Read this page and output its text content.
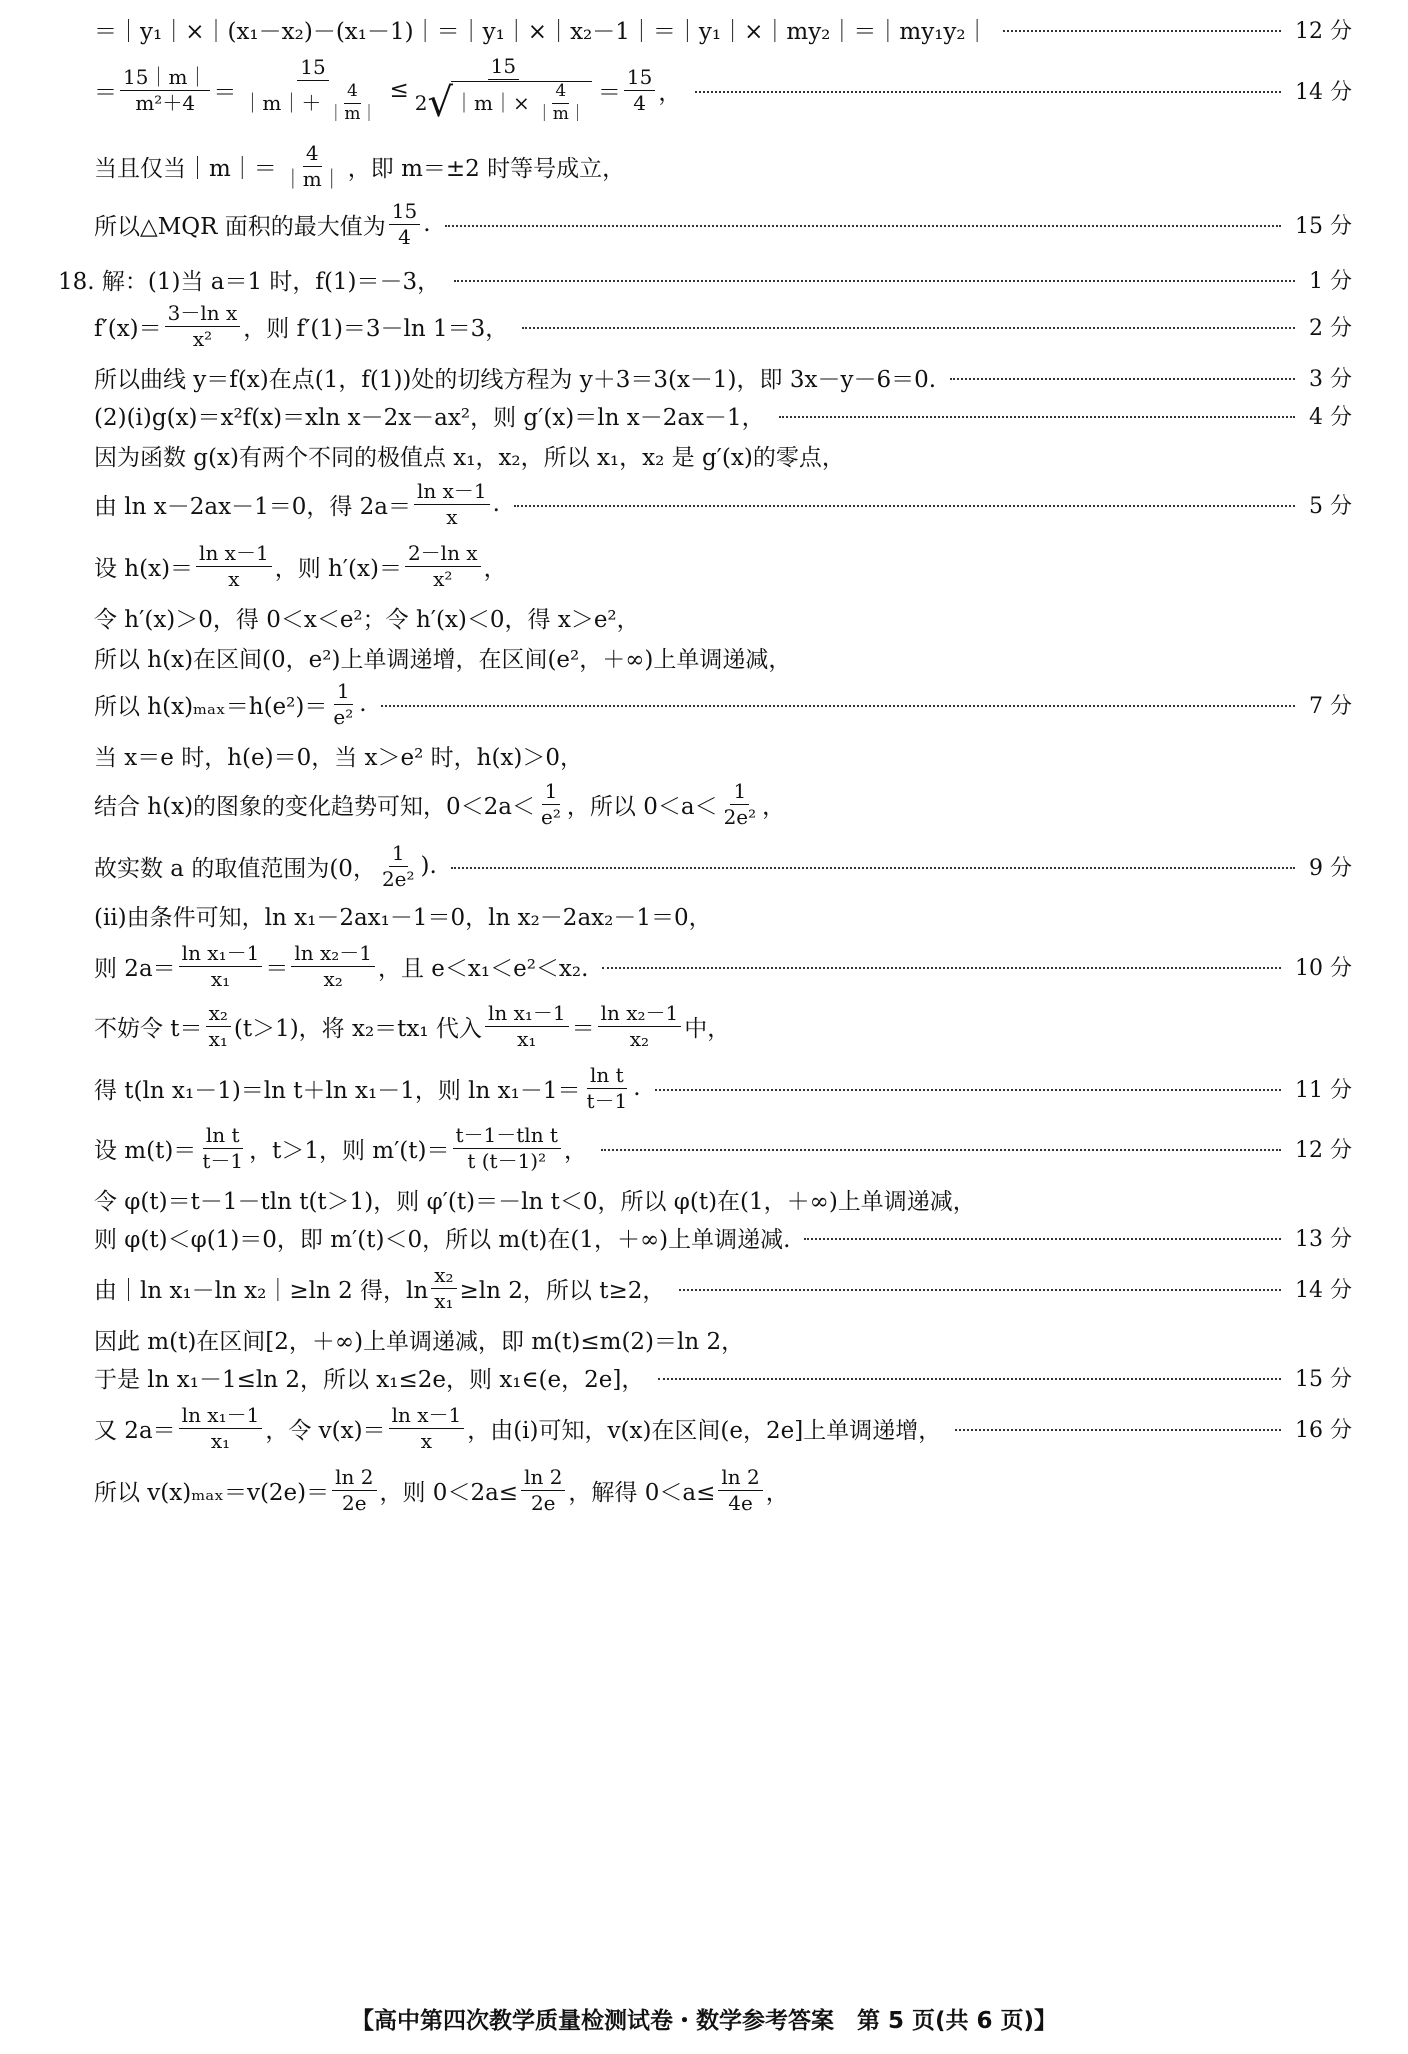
＝｜y₁｜×｜(x₁－x₂)－(x₁－1)｜＝｜y₁｜×｜x₂－1｜＝｜y₁｜×｜my₂｜＝｜my₁y₂｜	12 分
＝ $\frac{15|m|}{\text{m²＋4}} = \frac{15}{|m|+ \frac{4}{|m|}} \le \frac{15}{2 √ |m|\times \frac{4}{|m|}} = \frac{15}{4}$ ，	14 分
当且仅当｜m｜＝ $\frac{4}{|m|}$ ，即 m＝±2 时等号成立，
所以△MQR 面积的最大值为 $\frac{15}{4}$ .	15 分
18. 解：(1)当 a＝1 时，f(1)＝－3，	1 分
$f'(x)= \frac{\text{3－ln x}}{\text{x²}}$ ，则 f′(1)＝3－ln 1＝3，	2 分
所以曲线 y＝f(x)在点(1，f(1))处的切线方程为 y＋3＝3(x－1)，即 3x－y－6＝0.	3 分
(2)(ⅰ)g(x)＝x²f(x)＝xln x－2x－ax²，则 g′(x)＝ln x－2ax－1，	4 分
因为函数 g(x)有两个不同的极值点 x₁，x₂，所以 x₁，x₂ 是 g′(x)的零点，
由 ln x－2ax－1＝0，得 $2a= \frac{\text{ln x－1}}{x}$ .	5 分
设 $h(x)= \frac{\text{ln x－1}}{x}$ ，则 $h'(x)= \frac{\text{2－ln x}}{\text{x²}}$ ，
令 h′(x)＞0，得 0＜x＜e²；令 h′(x)＜0，得 x＞e²，
所以 h(x)在区间(0，e²)上单调递增，在区间(e²，＋∞)上单调递减，
所以 $h(x)_{max}=h(e^2)= \frac{1}{\text{e²}}$ .	7 分
当 x＝e 时，h(e)＝0，当 x＞e² 时，h(x)＞0，
结合 h(x)的图象的变化趋势可知，$0<2a< \frac{1}{\text{e²}}$ ，所以 $0<a< \frac{1}{\text{2e²}}$ ，
故实数 a 的取值范围为(0， $\frac{1}{\text{2e²}}$ ).	9 分
(ⅱ)由条件可知，ln x₁－2ax₁－1＝0，ln x₂－2ax₂－1＝0，
则 $2a= \frac{\text{ln x₁－1}}{\text{x₁}} = \frac{\text{ln x₂－1}}{\text{x₂}}$ ，且 e＜x₁＜e²＜x₂.	10 分
不妨令 $t= \frac{\text{x₂}}{\text{x₁}} (t>1)$，将 x₂＝tx₁ 代入 $\frac{\text{ln x₁－1}}{\text{x₁}} = \frac{\text{ln x₂－1}}{\text{x₂}}$ 中，
得 t(ln x₁－1)＝ln t＋ln x₁－1，则 $\ln x_1-1= \frac{\text{ln t}}{t-1}$ .	11 分
设 $m(t)= \frac{\text{ln t}}{t-1}$ ，t＞1，则 $m'(t)= \frac{\text{t－1－tln t}}{\text{t (t－1)²}}$ ，	12 分
令 φ(t)＝t－1－tln t(t＞1)，则 φ′(t)＝－ln t＜0，所以 φ(t)在(1，＋∞)上单调递减，
则 φ(t)＜φ(1)＝0，即 m′(t)＜0，所以 m(t)在(1，＋∞)上单调递减.	13 分
由｜ln x₁－ln x₂｜≥ln 2 得，$\ln \frac{\text{x₂}}{\text{x₁}} \ge\ln$ 2，所以 t≥2，	14 分
因此 m(t)在区间[2，＋∞)上单调递减，即 m(t)≤m(2)＝ln 2，
于是 ln x₁－1≤ln 2，所以 x₁≤2e，则 x₁∈(e，2e]，	15 分
又 $2a= \frac{\text{ln x₁－1}}{\text{x₁}}$ ，令 $v(x)= \frac{\text{ln x－1}}{x}$ ，由(ⅰ)可知，v(x)在区间(e，2e]上单调递增，	16 分
所以 $v(x)_{max}=v(2e)= \frac{\ln 2}{2e}$ ，则 $0<2a\le \frac{\ln 2}{2e}$ ，解得 $0<a\le \frac{\ln 2}{4e}$ ，
【高中第四次教学质量检测试卷・数学参考答案　第 5 页(共 6 页)】
